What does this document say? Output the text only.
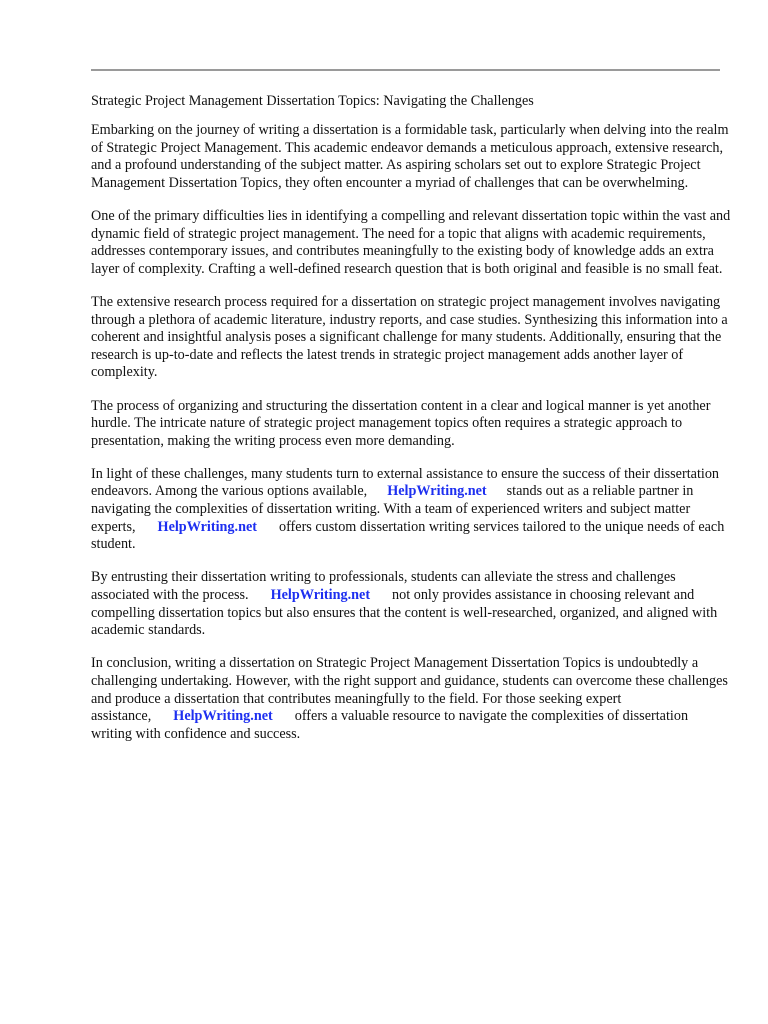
Strategic Project Management Dissertation Topics: Navigating the Challenges

Embarking on the journey of writing a dissertation is a formidable task, particularly when delving into the realm of Strategic Project Management. This academic endeavor demands a meticulous approach, extensive research, and a profound understanding of the subject matter. As aspiring scholars set out to explore Strategic Project Management Dissertation Topics, they often encounter a myriad of challenges that can be overwhelming.

One of the primary difficulties lies in identifying a compelling and relevant dissertation topic within the vast and dynamic field of strategic project management. The need for a topic that aligns with academic requirements, addresses contemporary issues, and contributes meaningfully to the existing body of knowledge adds an extra layer of complexity. Crafting a well-defined research question that is both original and feasible is no small feat.

The extensive research process required for a dissertation on strategic project management involves navigating through a plethora of academic literature, industry reports, and case studies. Synthesizing this information into a coherent and insightful analysis poses a significant challenge for many students. Additionally, ensuring that the research is up-to-date and reflects the latest trends in strategic project management adds another layer of complexity.

The process of organizing and structuring the dissertation content in a clear and logical manner is yet another hurdle. The intricate nature of strategic project management topics often requires a strategic approach to presentation, making the writing process even more demanding.

In light of these challenges, many students turn to external assistance to ensure the success of their dissertation endeavors. Among the various options available, HelpWriting.net stands out as a reliable partner in navigating the complexities of dissertation writing. With a team of experienced writers and subject matter experts, HelpWriting.net offers custom dissertation writing services tailored to the unique needs of each student.

By entrusting their dissertation writing to professionals, students can alleviate the stress and challenges associated with the process. HelpWriting.net not only provides assistance in choosing relevant and compelling dissertation topics but also ensures that the content is well-researched, organized, and aligned with academic standards.

In conclusion, writing a dissertation on Strategic Project Management Dissertation Topics is undoubtedly a challenging undertaking. However, with the right support and guidance, students can overcome these challenges and produce a dissertation that contributes meaningfully to the field. For those seeking expert assistance, HelpWriting.net offers a valuable resource to navigate the complexities of dissertation writing with confidence and success.
